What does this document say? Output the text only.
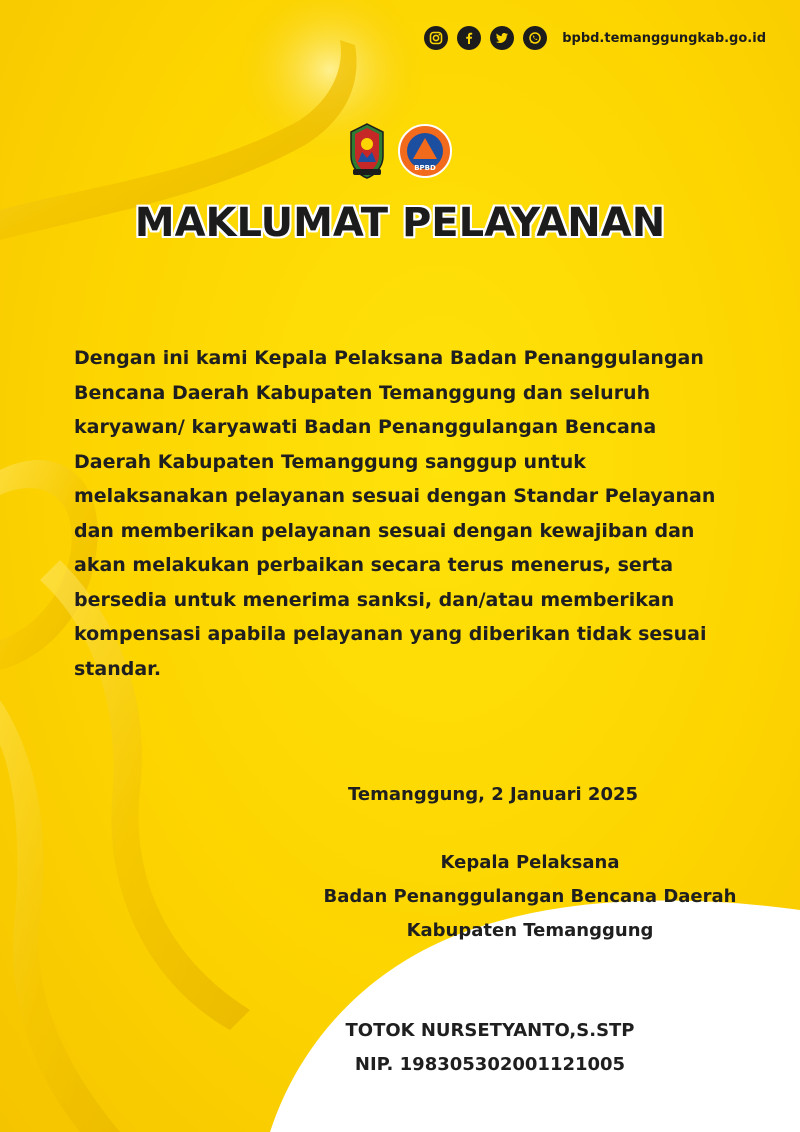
bpbd.temanggungkab.go.id
BPBD
MAKLUMAT PELAYANAN

Dengan ini kami Kepala Pelaksana Badan Penanggulangan
Bencana Daerah Kabupaten Temanggung dan seluruh
karyawan/ karyawati Badan Penanggulangan Bencana
Daerah Kabupaten Temanggung sanggup untuk
melaksanakan pelayanan sesuai dengan Standar Pelayanan
dan memberikan pelayanan sesuai dengan kewajiban dan
akan melakukan perbaikan secara terus menerus, serta
bersedia untuk menerima sanksi, dan/atau memberikan
kompensasi apabila pelayanan yang diberikan tidak sesuai
standar.

Temanggung, 2 Januari 2025
Kepala Pelaksana
Badan Penanggulangan Bencana Daerah
Kabupaten Temanggung
TOTOK NURSETYANTO,S.STP
NIP. 198305302001121005
